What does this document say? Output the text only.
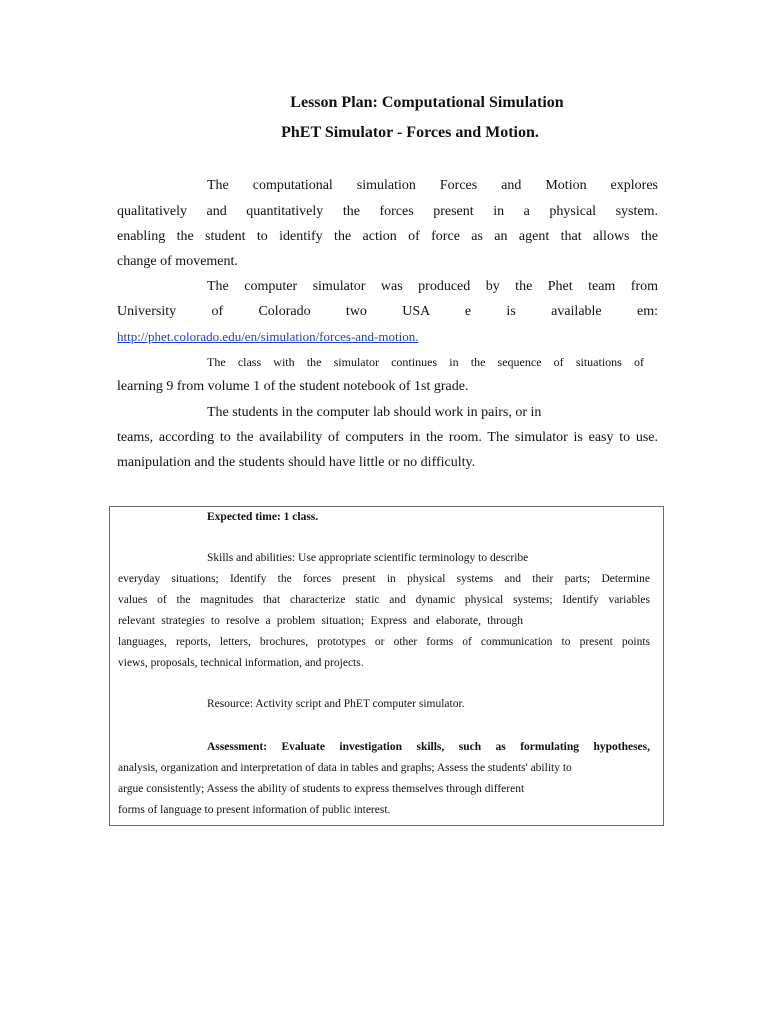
Lesson Plan: Computational Simulation
PhET Simulator - Forces and Motion.
The computational simulation Forces and Motion explores
qualitatively and quantitatively the forces present in a physical system.
enabling the student to identify the action of force as an agent that allows the
change of movement.
The computer simulator was produced by the Phet team from
University of Colorado two USA e is available em:
http://phet.colorado.edu/en/simulation/forces-and-motion.
The class with the simulator continues in the sequence of situations of
learning 9 from volume 1 of the student notebook of 1st grade.
The students in the computer lab should work in pairs, or in
teams, according to the availability of computers in the room. The simulator is easy to use.
manipulation and the students should have little or no difficulty.
Expected time: 1 class.
Skills and abilities: Use appropriate scientific terminology to describe
everyday situations; Identify the forces present in physical systems and their parts; Determine
values of the magnitudes that characterize static and dynamic physical systems; Identify variables
relevant strategies to resolve a problem situation; Express and elaborate, through
languages, reports, letters, brochures, prototypes or other forms of communication to present points
views, proposals, technical information, and projects.
Resource: Activity script and PhET computer simulator.
Assessment: Evaluate investigation skills, such as formulating hypotheses,
analysis, organization and interpretation of data in tables and graphs; Assess the students' ability to
argue consistently; Assess the ability of students to express themselves through different
forms of language to present information of public interest.
